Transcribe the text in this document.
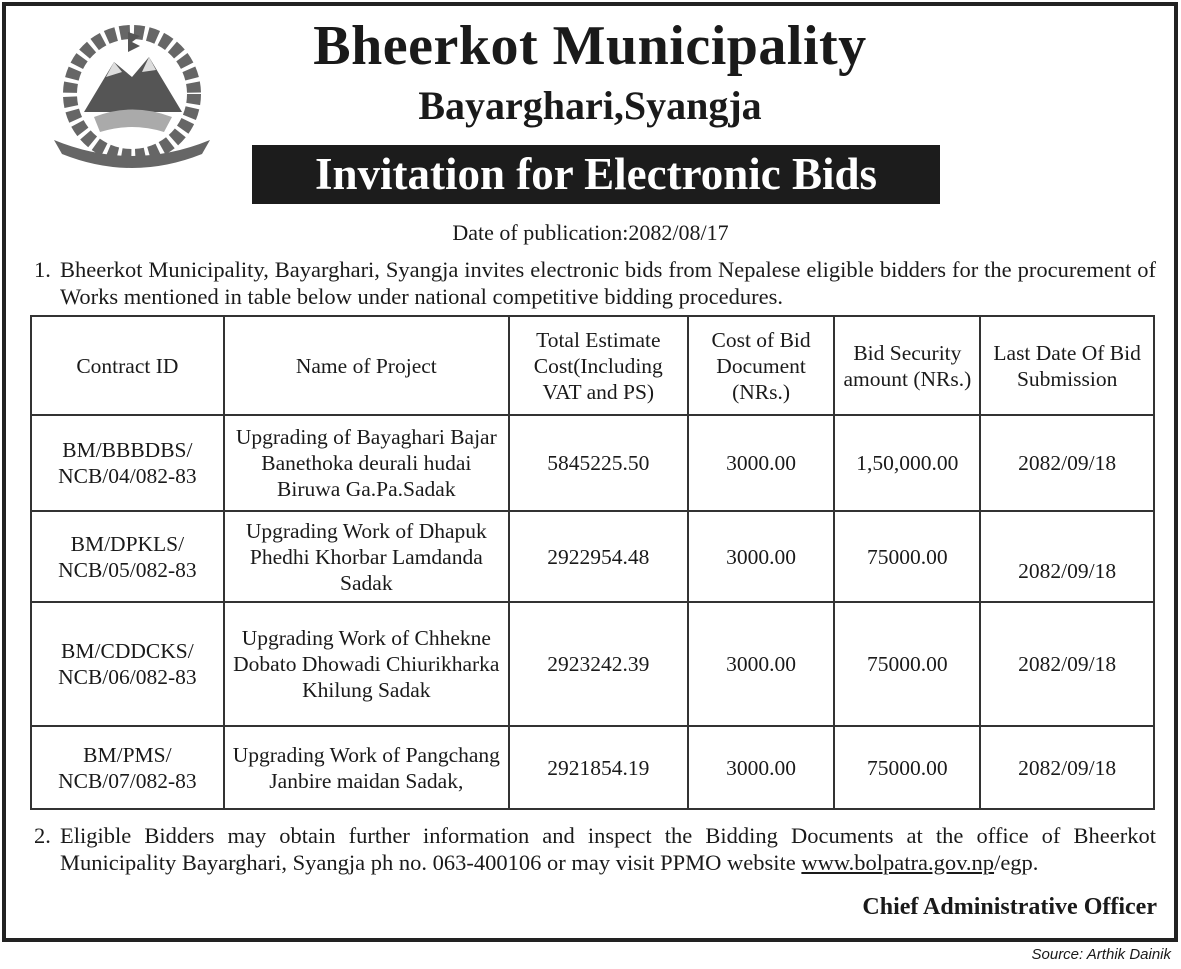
Bheerkot Municipality
Bayarghari,Syangja
Invitation for Electronic Bids
Date of publication:2082/08/17
1. Bheerkot Municipality, Bayarghari, Syangja invites electronic bids from Nepalese eligible bidders for the procurement of Works mentioned in table below under national competitive bidding procedures.
Contract ID	Name of Project	Total Estimate Cost(Including VAT and PS)	Cost of Bid Document (NRs.)	Bid Security amount (NRs.)	Last Date Of Bid Submission
BM/BBBDBS/ NCB/04/082-83	Upgrading of Bayaghari Bajar Banethoka deurali hudai Biruwa Ga.Pa.Sadak	5845225.50	3000.00	1,50,000.00	2082/09/18
BM/DPKLS/ NCB/05/082-83	Upgrading Work of Dhapuk Phedhi Khorbar Lamdanda Sadak	2922954.48	3000.00	75000.00	2082/09/18
BM/CDDCKS/ NCB/06/082-83	Upgrading Work of Chhekne Dobato Dhowadi Chiurikharka Khilung Sadak	2923242.39	3000.00	75000.00	2082/09/18
BM/PMS/ NCB/07/082-83	Upgrading Work of Pangchang Janbire maidan Sadak,	2921854.19	3000.00	75000.00	2082/09/18
2. Eligible Bidders may obtain further information and inspect the Bidding Documents at the office of Bheerkot Municipality Bayarghari, Syangja ph no. 063-400106 or may visit PPMO website www.bolpatra.gov.np/egp.
Chief Administrative Officer
Source: Arthik Dainik
